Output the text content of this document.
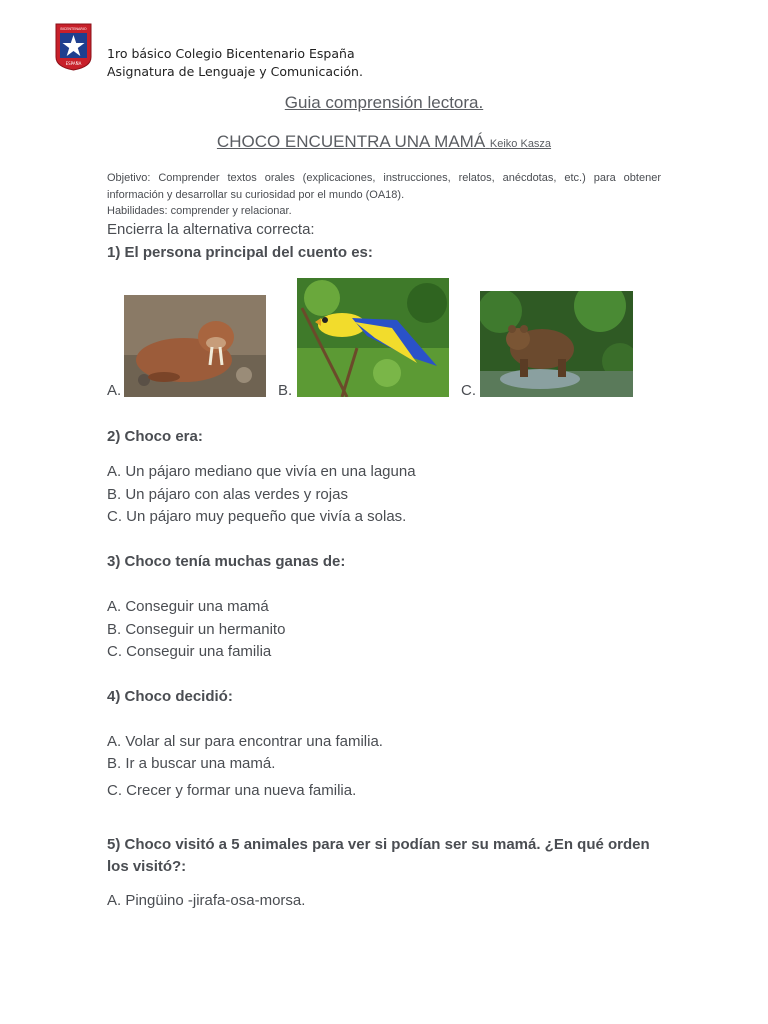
BICENTENARIO
ESPAÑA
1ro básico Colegio Bicentenario España
Asignatura de Lenguaje y Comunicación.
Guia comprensión lectora.
CHOCO ENCUENTRA UNA MAMÁ Keiko Kasza
Objetivo: Comprender textos orales (explicaciones, instrucciones, relatos, anécdotas, etc.) para obtener información y desarrollar su curiosidad por el mundo (OA18).
Habilidades: comprender y relacionar.
Encierra la alternativa correcta:
1) El persona principal del cuento es:
A.	B.	C.
2) Choco era:
A. Un pájaro mediano que vivía en una laguna
B. Un pájaro con alas verdes y rojas
C. Un pájaro muy pequeño que vivía a solas.
3) Choco tenía muchas ganas de:
A. Conseguir una mamá
B. Conseguir un hermanito
C. Conseguir una familia
4) Choco decidió:
A. Volar al sur para encontrar una familia.
B. Ir a buscar una mamá.
C. Crecer y formar una nueva familia.
5) Choco visitó a 5 animales para ver si podían ser su mamá. ¿En qué orden
los visitó?:
A. Pingüino -jirafa-osa-morsa.
